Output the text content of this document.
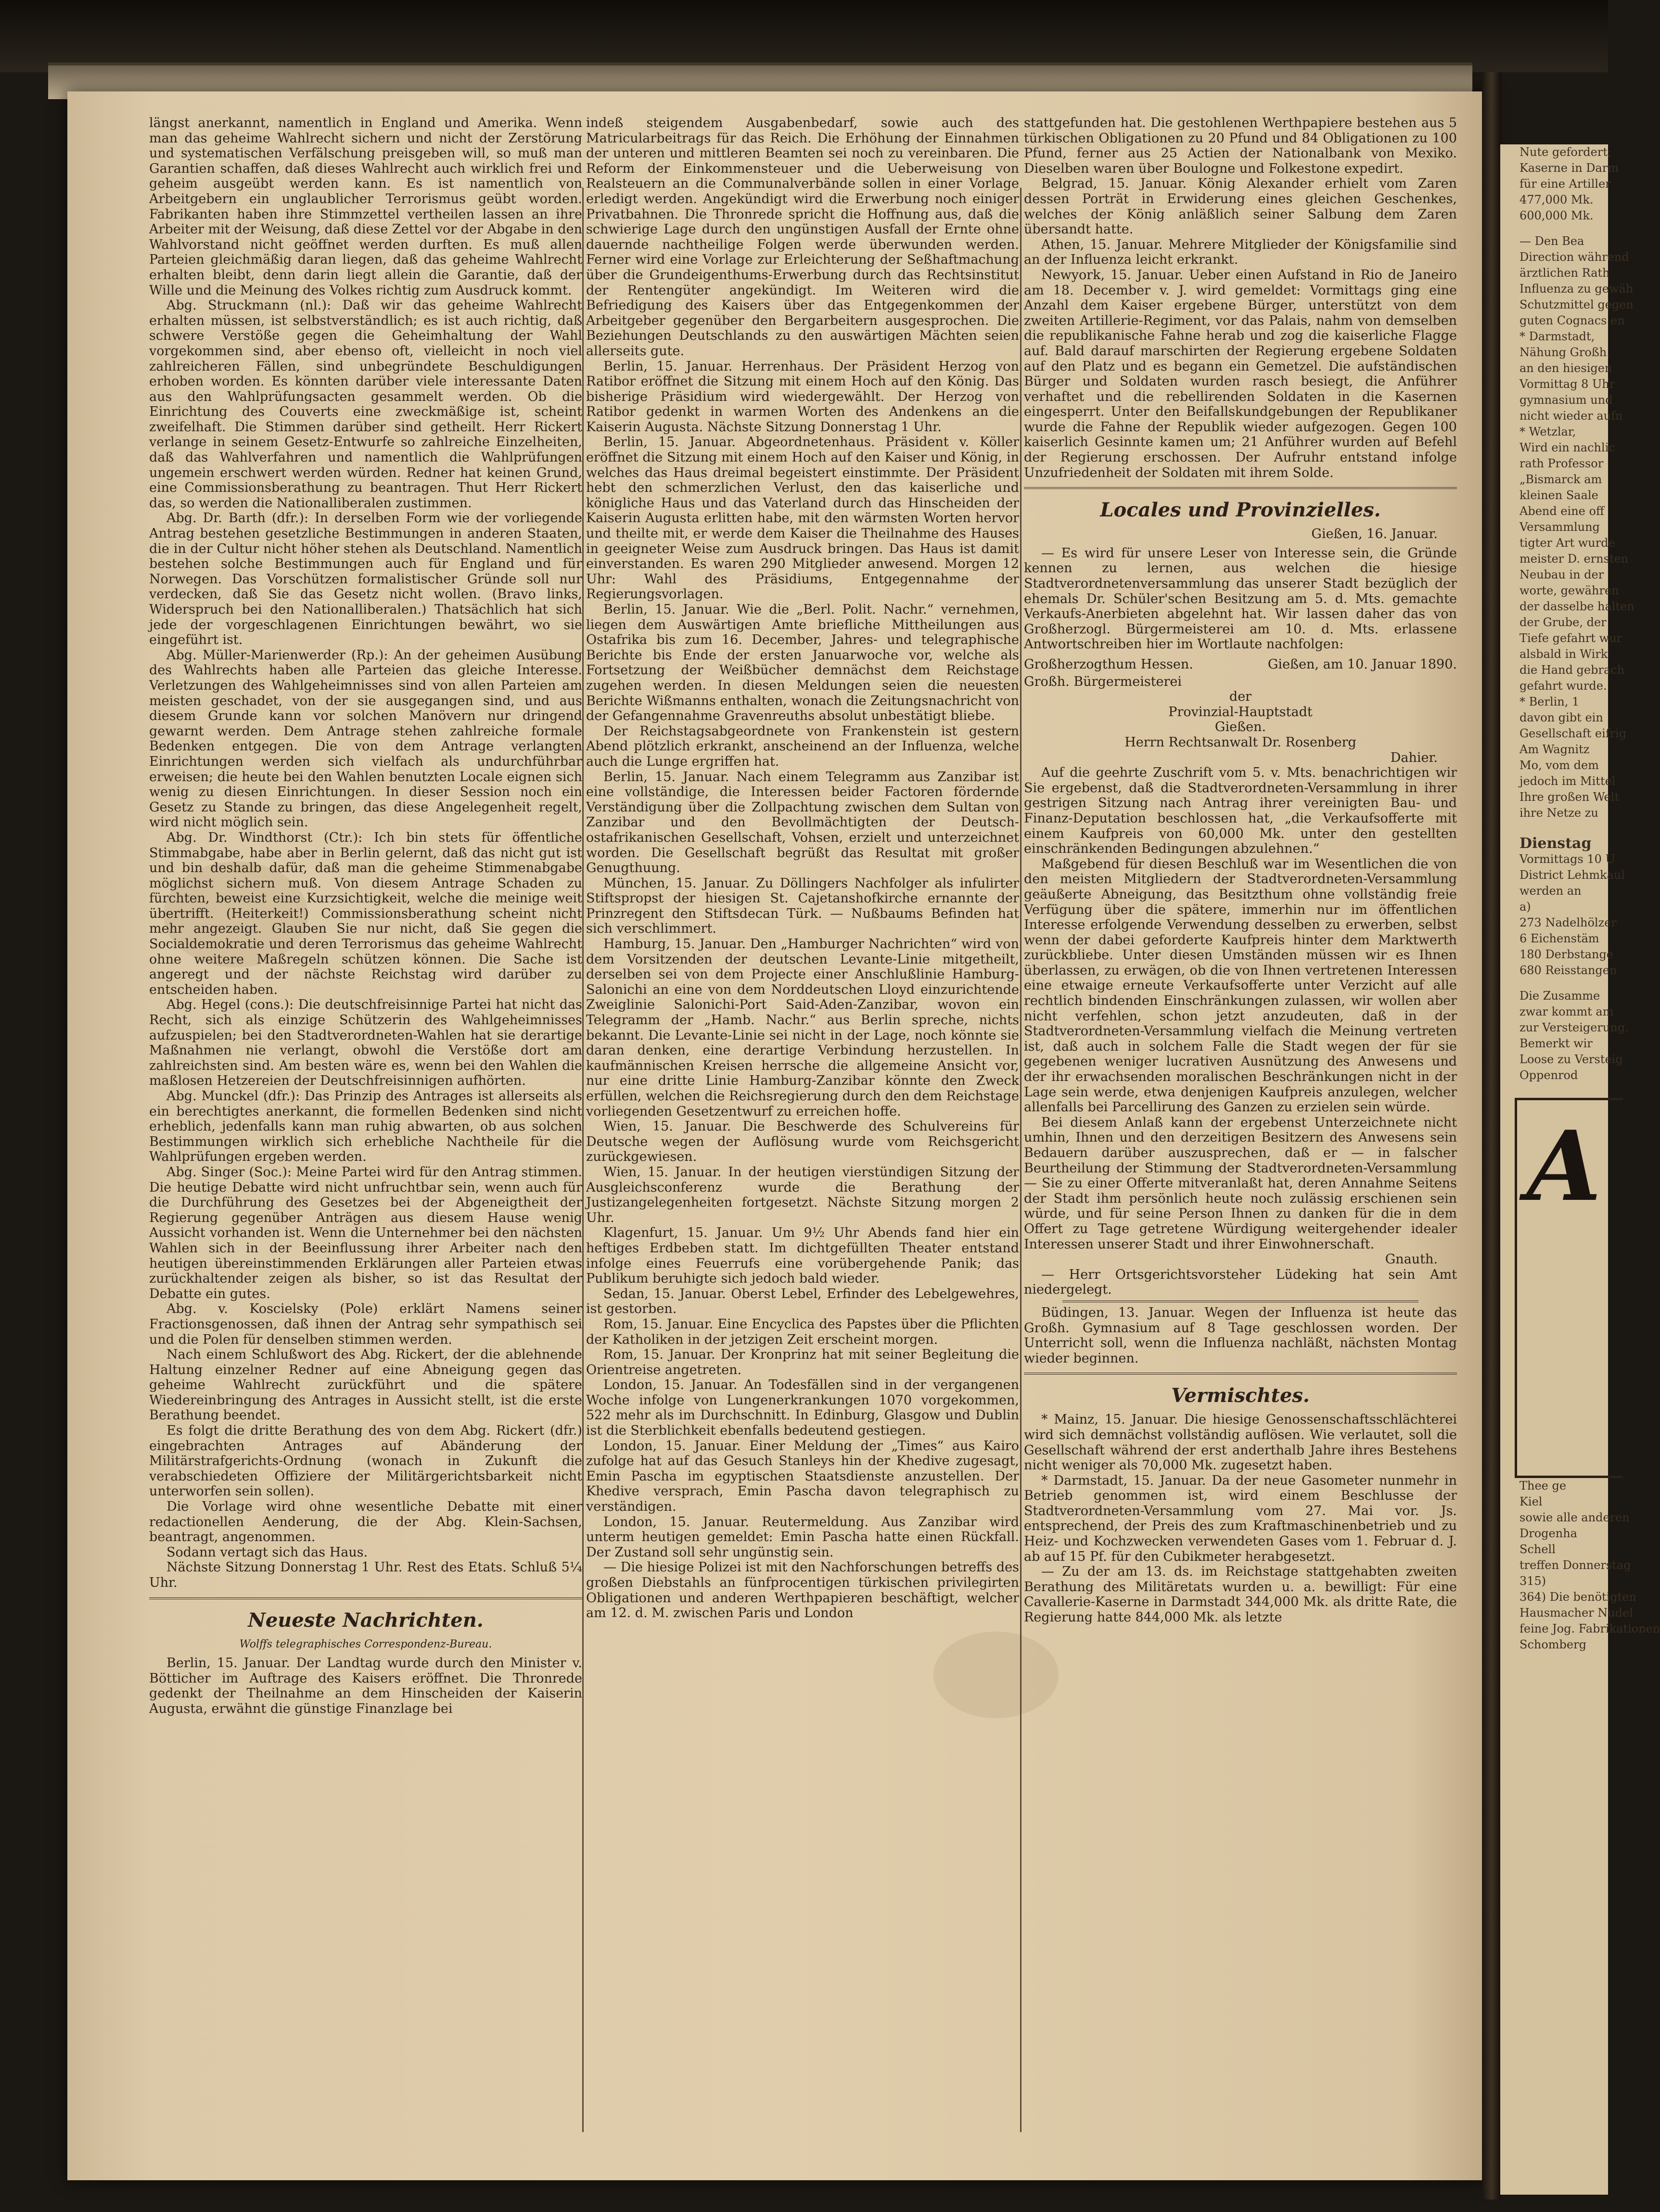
längst anerkannt, namentlich in England und Amerika. Wenn man das geheime Wahlrecht sichern und nicht der Zerstörung und systematischen Verfälschung preisgeben will, so muß man Garantien schaffen, daß dieses Wahlrecht auch wirklich frei und geheim ausgeübt werden kann. Es ist namentlich von Arbeitgebern ein unglaublicher Terrorismus geübt worden. Fabrikanten haben ihre Stimmzettel vertheilen lassen an ihre Arbeiter mit der Weisung, daß diese Zettel vor der Abgabe in den Wahlvorstand nicht geöffnet werden durften. Es muß allen Parteien gleichmäßig daran liegen, daß das geheime Wahlrecht erhalten bleibt, denn darin liegt allein die Garantie, daß der Wille und die Meinung des Volkes richtig zum Ausdruck kommt.

Abg. Struckmann (nl.): Daß wir das geheime Wahlrecht erhalten müssen, ist selbstverständlich; es ist auch richtig, daß schwere Verstöße gegen die Geheimhaltung der Wahl vorgekommen sind, aber ebenso oft, vielleicht in noch viel zahlreicheren Fällen, sind unbegründete Beschuldigungen erhoben worden. Es könnten darüber viele interessante Daten aus den Wahlprüfungsacten gesammelt werden. Ob die Einrichtung des Couverts eine zweckmäßige ist, scheint zweifelhaft. Die Stimmen darüber sind getheilt. Herr Rickert verlange in seinem Gesetz-Entwurfe so zahlreiche Einzelheiten, daß das Wahlverfahren und namentlich die Wahlprüfungen ungemein erschwert werden würden. Redner hat keinen Grund, eine Commissionsberathung zu beantragen. Thut Herr Rickert das, so werden die Nationalliberalen zustimmen.

Abg. Dr. Barth (dfr.): In derselben Form wie der vorliegende Antrag bestehen gesetzliche Bestimmungen in anderen Staaten, die in der Cultur nicht höher stehen als Deutschland. Namentlich bestehen solche Bestimmungen auch für England und für Norwegen. Das Vorschützen formalistischer Gründe soll nur verdecken, daß Sie das Gesetz nicht wollen. (Bravo links, Widerspruch bei den Nationalliberalen.) Thatsächlich hat sich jede der vorgeschlagenen Einrichtungen bewährt, wo sie eingeführt ist.

Abg. Müller-Marienwerder (Rp.): An der geheimen Ausübung des Wahlrechts haben alle Parteien das gleiche Interesse. Verletzungen des Wahlgeheimnisses sind von allen Parteien am meisten geschadet, von der sie ausgegangen sind, und aus diesem Grunde kann vor solchen Manövern nur dringend gewarnt werden. Dem Antrage stehen zahlreiche formale Bedenken entgegen. Die von dem Antrage verlangten Einrichtungen werden sich vielfach als undurchführbar erweisen; die heute bei den Wahlen benutzten Locale eignen sich wenig zu diesen Einrichtungen. In dieser Session noch ein Gesetz zu Stande zu bringen, das diese Angelegenheit regelt, wird nicht möglich sein.

Abg. Dr. Windthorst (Ctr.): Ich bin stets für öffentliche Stimmabgabe, habe aber in Berlin gelernt, daß das nicht gut ist und bin deshalb dafür, daß man die geheime Stimmenabgabe möglichst sichern muß. Von diesem Antrage Schaden zu fürchten, beweist eine Kurzsichtigkeit, welche die meinige weit übertrifft. (Heiterkeit!) Commissionsberathung scheint nicht mehr angezeigt. Glauben Sie nur nicht, daß Sie gegen die Socialdemokratie und deren Terrorismus das geheime Wahlrecht ohne weitere Maßregeln schützen können. Die Sache ist angeregt und der nächste Reichstag wird darüber zu entscheiden haben.

Abg. Hegel (cons.): Die deutschfreisinnige Partei hat nicht das Recht, sich als einzige Schützerin des Wahlgeheimnisses aufzuspielen; bei den Stadtverordneten-Wahlen hat sie derartige Maßnahmen nie verlangt, obwohl die Verstöße dort am zahlreichsten sind. Am besten wäre es, wenn bei den Wahlen die maßlosen Hetzereien der Deutschfreisinnigen aufhörten.

Abg. Munckel (dfr.): Das Prinzip des Antrages ist allerseits als ein berechtigtes anerkannt, die formellen Bedenken sind nicht erheblich, jedenfalls kann man ruhig abwarten, ob aus solchen Bestimmungen wirklich sich erhebliche Nachtheile für die Wahlprüfungen ergeben werden.

Abg. Singer (Soc.): Meine Partei wird für den Antrag stimmen. Die heutige Debatte wird nicht unfruchtbar sein, wenn auch für die Durchführung des Gesetzes bei der Abgeneigtheit der Regierung gegenüber Anträgen aus diesem Hause wenig Aussicht vorhanden ist. Wenn die Unternehmer bei den nächsten Wahlen sich in der Beeinflussung ihrer Arbeiter nach den heutigen übereinstimmenden Erklärungen aller Parteien etwas zurückhaltender zeigen als bisher, so ist das Resultat der Debatte ein gutes.

Abg. v. Koscielsky (Pole) erklärt Namens seiner Fractionsgenossen, daß ihnen der Antrag sehr sympathisch sei und die Polen für denselben stimmen werden.

Nach einem Schlußwort des Abg. Rickert, der die ablehnende Haltung einzelner Redner auf eine Abneigung gegen das geheime Wahlrecht zurückführt und die spätere Wiedereinbringung des Antrages in Aussicht stellt, ist die erste Berathung beendet.

Es folgt die dritte Berathung des von dem Abg. Rickert (dfr.) eingebrachten Antrages auf Abänderung der Militärstrafgerichts-Ordnung (wonach in Zukunft die verabschiedeten Offiziere der Militärgerichtsbarkeit nicht unterworfen sein sollen).

Die Vorlage wird ohne wesentliche Debatte mit einer redactionellen Aenderung, die der Abg. Klein-Sachsen, beantragt, angenommen.

Sodann vertagt sich das Haus.

Nächste Sitzung Donnerstag 1 Uhr. Rest des Etats. Schluß 5¼ Uhr.

Neueste Nachrichten.
Wolffs telegraphisches Correspondenz-Bureau.

Berlin, 15. Januar. Der Landtag wurde durch den Minister v. Bötticher im Auftrage des Kaisers eröffnet. Die Thronrede gedenkt der Theilnahme an dem Hinscheiden der Kaiserin Augusta, erwähnt die günstige Finanzlage bei

indeß steigendem Ausgabenbedarf, sowie auch des Matricularbeitrags für das Reich. Die Erhöhung der Einnahmen der unteren und mittleren Beamten sei noch zu vereinbaren. Die Reform der Einkommensteuer und die Ueberweisung von Realsteuern an die Communalverbände sollen in einer Vorlage erledigt werden. Angekündigt wird die Erwerbung noch einiger Privatbahnen. Die Thronrede spricht die Hoffnung aus, daß die schwierige Lage durch den ungünstigen Ausfall der Ernte ohne dauernde nachtheilige Folgen werde überwunden werden. Ferner wird eine Vorlage zur Erleichterung der Seßhaftmachung über die Grundeigenthums-Erwerbung durch das Rechtsinstitut der Rentengüter angekündigt. Im Weiteren wird die Befriedigung des Kaisers über das Entgegenkommen der Arbeitgeber gegenüber den Bergarbeitern ausgesprochen. Die Beziehungen Deutschlands zu den auswärtigen Mächten seien allerseits gute.

Berlin, 15. Januar. Herrenhaus. Der Präsident Herzog von Ratibor eröffnet die Sitzung mit einem Hoch auf den König. Das bisherige Präsidium wird wiedergewählt. Der Herzog von Ratibor gedenkt in warmen Worten des Andenkens an die Kaiserin Augusta. Nächste Sitzung Donnerstag 1 Uhr.

Berlin, 15. Januar. Abgeordnetenhaus. Präsident v. Köller eröffnet die Sitzung mit einem Hoch auf den Kaiser und König, in welches das Haus dreimal begeistert einstimmte. Der Präsident hebt den schmerzlichen Verlust, den das kaiserliche und königliche Haus und das Vaterland durch das Hinscheiden der Kaiserin Augusta erlitten habe, mit den wärmsten Worten hervor und theilte mit, er werde dem Kaiser die Theilnahme des Hauses in geeigneter Weise zum Ausdruck bringen. Das Haus ist damit einverstanden. Es waren 290 Mitglieder anwesend. Morgen 12 Uhr: Wahl des Präsidiums, Entgegennahme der Regierungsvorlagen.

Berlin, 15. Januar. Wie die „Berl. Polit. Nachr.“ vernehmen, liegen dem Auswärtigen Amte briefliche Mittheilungen aus Ostafrika bis zum 16. December, Jahres- und telegraphische Berichte bis Ende der ersten Januarwoche vor, welche als Fortsetzung der Weißbücher demnächst dem Reichstage zugehen werden. In diesen Meldungen seien die neuesten Berichte Wißmanns enthalten, wonach die Zeitungsnachricht von der Gefangennahme Gravenreuths absolut unbestätigt bliebe.

Der Reichstagsabgeordnete von Frankenstein ist gestern Abend plötzlich erkrankt, anscheinend an der Influenza, welche auch die Lunge ergriffen hat.

Berlin, 15. Januar. Nach einem Telegramm aus Zanzibar ist eine vollständige, die Interessen beider Factoren fördernde Verständigung über die Zollpachtung zwischen dem Sultan von Zanzibar und den Bevollmächtigten der Deutsch-ostafrikanischen Gesellschaft, Vohsen, erzielt und unterzeichnet worden. Die Gesellschaft begrüßt das Resultat mit großer Genugthuung.

München, 15. Januar. Zu Döllingers Nachfolger als infulirter Stiftspropst der hiesigen St. Cajetanshofkirche ernannte der Prinzregent den Stiftsdecan Türk. — Nußbaums Befinden hat sich verschlimmert.

Hamburg, 15. Januar. Den „Hamburger Nachrichten“ wird von dem Vorsitzenden der deutschen Levante-Linie mitgetheilt, derselben sei von dem Projecte einer Anschlußlinie Hamburg-Salonichi an eine von dem Norddeutschen Lloyd einzurichtende Zweiglinie Salonichi-Port Said-Aden-Zanzibar, wovon ein Telegramm der „Hamb. Nachr.“ aus Berlin spreche, nichts bekannt. Die Levante-Linie sei nicht in der Lage, noch könnte sie daran denken, eine derartige Verbindung herzustellen. In kaufmännischen Kreisen herrsche die allgemeine Ansicht vor, nur eine dritte Linie Hamburg-Zanzibar könnte den Zweck erfüllen, welchen die Reichsregierung durch den dem Reichstage vorliegenden Gesetzentwurf zu erreichen hoffe.

Wien, 15. Januar. Die Beschwerde des Schulvereins für Deutsche wegen der Auflösung wurde vom Reichsgericht zurückgewiesen.

Wien, 15. Januar. In der heutigen vierstündigen Sitzung der Ausgleichsconferenz wurde die Berathung der Justizangelegenheiten fortgesetzt. Nächste Sitzung morgen 2 Uhr.

Klagenfurt, 15. Januar. Um 9½ Uhr Abends fand hier ein heftiges Erdbeben statt. Im dichtgefüllten Theater entstand infolge eines Feuerrufs eine vorübergehende Panik; das Publikum beruhigte sich jedoch bald wieder.

Sedan, 15. Januar. Oberst Lebel, Erfinder des Lebelgewehres, ist gestorben.

Rom, 15. Januar. Eine Encyclica des Papstes über die Pflichten der Katholiken in der jetzigen Zeit erscheint morgen.

Rom, 15. Januar. Der Kronprinz hat mit seiner Begleitung die Orientreise angetreten.

London, 15. Januar. An Todesfällen sind in der vergangenen Woche infolge von Lungenerkrankungen 1070 vorgekommen, 522 mehr als im Durchschnitt. In Edinburg, Glasgow und Dublin ist die Sterblichkeit ebenfalls bedeutend gestiegen.

London, 15. Januar. Einer Meldung der „Times“ aus Kairo zufolge hat auf das Gesuch Stanleys hin der Khedive zugesagt, Emin Pascha im egyptischen Staatsdienste anzustellen. Der Khedive versprach, Emin Pascha davon telegraphisch zu verständigen.

London, 15. Januar. Reutermeldung. Aus Zanzibar wird unterm heutigen gemeldet: Emin Pascha hatte einen Rückfall. Der Zustand soll sehr ungünstig sein.

— Die hiesige Polizei ist mit den Nachforschungen betreffs des großen Diebstahls an fünfprocentigen türkischen privilegirten Obligationen und anderen Werthpapieren beschäftigt, welcher am 12. d. M. zwischen Paris und London

stattgefunden hat. Die gestohlenen Werthpapiere bestehen aus 5 türkischen Obligationen zu 20 Pfund und 84 Obligationen zu 100 Pfund, ferner aus 25 Actien der Nationalbank von Mexiko. Dieselben waren über Boulogne und Folkestone expedirt.

Belgrad, 15. Januar. König Alexander erhielt vom Zaren dessen Porträt in Erwiderung eines gleichen Geschenkes, welches der König anläßlich seiner Salbung dem Zaren übersandt hatte.

Athen, 15. Januar. Mehrere Mitglieder der Königsfamilie sind an der Influenza leicht erkrankt.

Newyork, 15. Januar. Ueber einen Aufstand in Rio de Janeiro am 18. December v. J. wird gemeldet: Vormittags ging eine Anzahl dem Kaiser ergebene Bürger, unterstützt von dem zweiten Artillerie-Regiment, vor das Palais, nahm von demselben die republikanische Fahne herab und zog die kaiserliche Flagge auf. Bald darauf marschirten der Regierung ergebene Soldaten auf den Platz und es begann ein Gemetzel. Die aufständischen Bürger und Soldaten wurden rasch besiegt, die Anführer verhaftet und die rebellirenden Soldaten in die Kasernen eingesperrt. Unter den Beifallskundgebungen der Republikaner wurde die Fahne der Republik wieder aufgezogen. Gegen 100 kaiserlich Gesinnte kamen um; 21 Anführer wurden auf Befehl der Regierung erschossen. Der Aufruhr entstand infolge Unzufriedenheit der Soldaten mit ihrem Solde.

Locales und Provinzielles.
Gießen, 16. Januar.

— Es wird für unsere Leser von Interesse sein, die Gründe kennen zu lernen, aus welchen die hiesige Stadtverordnetenversammlung das unserer Stadt bezüglich der ehemals Dr. Schüler'schen Besitzung am 5. d. Mts. gemachte Verkaufs-Anerbieten abgelehnt hat. Wir lassen daher das von Großherzogl. Bürgermeisterei am 10. d. Mts. erlassene Antwortschreiben hier im Wortlaute nachfolgen:

Großherzogthum Hessen.	Gießen, am 10. Januar 1890.
Großh. Bürgermeisterei
der
Provinzial-Hauptstadt
Gießen.
Herrn Rechtsanwalt Dr. Rosenberg
Dahier.

Auf die geehrte Zuschrift vom 5. v. Mts. benachrichtigen wir Sie ergebenst, daß die Stadtverordneten-Versammlung in ihrer gestrigen Sitzung nach Antrag ihrer vereinigten Bau- und Finanz-Deputation beschlossen hat, „die Verkaufsofferte mit einem Kaufpreis von 60,000 Mk. unter den gestellten einschränkenden Bedingungen abzulehnen.“

Maßgebend für diesen Beschluß war im Wesentlichen die von den meisten Mitgliedern der Stadtverordneten-Versammlung geäußerte Abneigung, das Besitzthum ohne vollständig freie Verfügung über die spätere, immerhin nur im öffentlichen Interesse erfolgende Verwendung desselben zu erwerben, selbst wenn der dabei geforderte Kaufpreis hinter dem Marktwerth zurückbliebe. Unter diesen Umständen müssen wir es Ihnen überlassen, zu erwägen, ob die von Ihnen vertretenen Interessen eine etwaige erneute Verkaufsofferte unter Verzicht auf alle rechtlich bindenden Einschränkungen zulassen, wir wollen aber nicht verfehlen, schon jetzt anzudeuten, daß in der Stadtverordneten-Versammlung vielfach die Meinung vertreten ist, daß auch in solchem Falle die Stadt wegen der für sie gegebenen weniger lucrativen Ausnützung des Anwesens und der ihr erwachsenden moralischen Beschränkungen nicht in der Lage sein werde, etwa denjenigen Kaufpreis anzulegen, welcher allenfalls bei Parcellirung des Ganzen zu erzielen sein würde.

Bei diesem Anlaß kann der ergebenst Unterzeichnete nicht umhin, Ihnen und den derzeitigen Besitzern des Anwesens sein Bedauern darüber auszusprechen, daß er — in falscher Beurtheilung der Stimmung der Stadtverordneten-Versammlung — Sie zu einer Offerte mitveranlaßt hat, deren Annahme Seitens der Stadt ihm persönlich heute noch zulässig erschienen sein würde, und für seine Person Ihnen zu danken für die in dem Offert zu Tage getretene Würdigung weitergehender idealer Interessen unserer Stadt und ihrer Einwohnerschaft.

Gnauth.

— Herr Ortsgerichtsvorsteher Lüdeking hat sein Amt niedergelegt.

Büdingen, 13. Januar. Wegen der Influenza ist heute das Großh. Gymnasium auf 8 Tage geschlossen worden. Der Unterricht soll, wenn die Influenza nachläßt, nächsten Montag wieder beginnen.

Vermischtes.

* Mainz, 15. Januar. Die hiesige Genossenschaftsschlächterei wird sich demnächst vollständig auflösen. Wie verlautet, soll die Gesellschaft während der erst anderthalb Jahre ihres Bestehens nicht weniger als 70,000 Mk. zugesetzt haben.

* Darmstadt, 15. Januar. Da der neue Gasometer nunmehr in Betrieb genommen ist, wird einem Beschlusse der Stadtverordneten-Versammlung vom 27. Mai vor. Js. entsprechend, der Preis des zum Kraftmaschinenbetrieb und zu Heiz- und Kochzwecken verwendeten Gases vom 1. Februar d. J. ab auf 15 Pf. für den Cubikmeter herabgesetzt.

— Zu der am 13. ds. im Reichstage stattgehabten zweiten Berathung des Militäretats wurden u. a. bewilligt: Für eine Cavallerie-Kaserne in Darmstadt 344,000 Mk. als dritte Rate, die Regierung hatte 844,000 Mk. als letzte

Nute gefordert;
Kaserne in Darm
für eine Artiller
477,000 Mk.
600,000 Mk.
— Den Bea
Direction während
ärztlichen Rath
Influenza zu gewäh
Schutzmittel gegen
guten Cognacs en
* Darmstadt,
Nähung Großh.
an den hiesigen
Vormittag 8 Uhr
gymnasium und
nicht wieder aufn
* Wetzlar,
Wird ein nachlic
rath Professor
„Bismarck am
kleinen Saale
Abend eine off
Versammlung
tigter Art wurde
meister D. ernsten
Neubau in der
worte, gewähren
der dasselbe halten
der Grube, der
Tiefe gefahrt wur
alsbald in Wirk
die Hand gebrach
gefahrt wurde.
* Berlin, 1
davon gibt ein
Gesellschaft eifrig
Am Wagnitz
Mo, vom dem
jedoch im Mittel
Ihre großen Welt
ihre Netze zu
Dienstag
Vormittags 10 U
District Lehmkaul
werden an
a)
273 Nadelhölzer
6 Eichenstäm
180 Derbstange
680 Reisstangen
Die Zusamme
zwar kommt am
zur Versteigerung.
Bemerkt wir
Loose zu Versteig
Oppenrod
A
Thee ge
Kiel
sowie alle anderen
Drogenha
Schell
treffen Donnerstag
315)
364) Die benötigten
Hausmacher Nudel
feine Jog. Fabrikationen
Schomberg
